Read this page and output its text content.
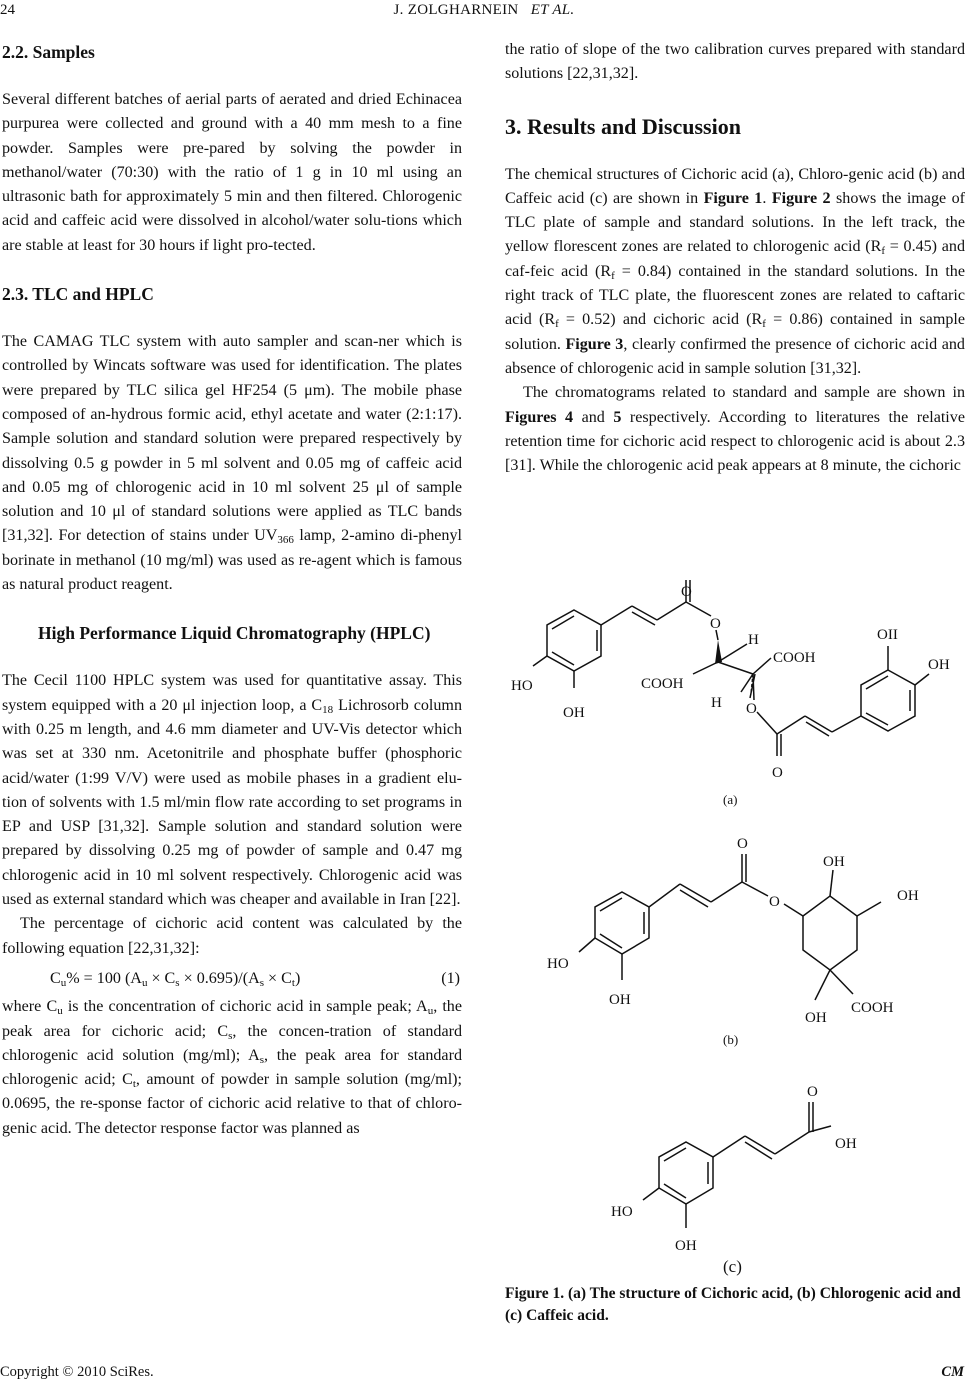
24	J. ZOLGHARNEIN ET AL.
2.2. Samples

Several different batches of aerial parts of aerated and dried Echinacea purpurea were collected and ground with a 40 mm mesh to a fine powder. Samples were pre-pared by solving the powder in methanol/water (70:30) with the ratio of 1 g in 10 ml using an ultrasonic bath for approximately 5 min and then filtered. Chlorogenic acid and caffeic acid were dissolved in alcohol/water solu-tions which are stable at least for 30 hours if light pro-tected.

2.3. TLC and HPLC

The CAMAG TLC system with auto sampler and scan-ner which is controlled by Wincats software was used for identification. The plates were prepared by TLC silica gel HF254 (5 μm). The mobile phase composed of an-hydrous formic acid, ethyl acetate and water (2:1:17). Sample solution and standard solution were prepared respectively by dissolving 0.5 g powder in 5 ml solvent and 0.05 mg of caffeic acid and 0.05 mg of chlorogenic acid in 10 ml solvent 25 μl of sample solution and 10 μl of standard solutions were applied as TLC bands [31,32]. For detection of stains under $UV_{366}$ lamp, 2-amino di-phenyl borinate in methanol (10 mg/ml) was used as re-agent which is famous as natural product reagent.

High Performance Liquid Chromatography (HPLC)

The Cecil 1100 HPLC system was used for quantitative assay. This system equipped with a 20 μl injection loop, a $C_{18}$ Lichrosorb column with 0.25 m length, and 4.6 mm diameter and UV-Vis detector which was set at 330 nm. Acetonitrile and phosphate buffer (phosphoric acid/water (1:99 V/V) were used as mobile phases in a gradient elu-tion of solvents with 1.5 ml/min flow rate according to set programs in EP and USP [31,32]. Sample solution and standard solution were prepared by dissolving 0.25 mg of powder of sample and 0.47 mg chlorogenic acid in 10 ml solvent respectively. Chlorogenic acid was used as external standard which was cheaper and available in Iran [22].

The percentage of cichoric acid content was calculated by the following equation [22,31,32]:

$C_u\% = 100$ $(A_u \times C_s \times 0.695)/(A_s \times C_t)$	(1)

where $C_u$ is the concentration of cichoric acid in sample peak; $A_u$, the peak area for cichoric acid; $C_s$, the concen-tration of standard chlorogenic acid solution (mg/ml); $A_s$, the peak area for standard chlorogenic acid; $C_t$, amount of powder in sample solution (mg/ml); 0.0695, the re-sponse factor of cichoric acid relative to that of chloro-genic acid. The detector response factor was planned as

the ratio of slope of the two calibration curves prepared with standard solutions [22,31,32].

3. Results and Discussion

The chemical structures of Cichoric acid (a), Chloro-genic acid (b) and Caffeic acid (c) are shown in Figure 1. Figure 2 shows the image of TLC plate of sample and standard solutions. In the left track, the yellow florescent zones are related to chlorogenic acid $(R_f = 0.45)$ and caf-feic acid $(R_f = 0.84)$ contained in the standard solutions. In the right track of TLC plate, the fluorescent zones are related to caftaric acid $(R_f = 0.52)$ and cichoric acid $(R_f = 0.86)$ contained in sample solution. Figure 3, clearly confirmed the presence of cichoric acid and absence of chlorogenic acid in sample solution [31,32].

The chromatograms related to standard and sample are shown in Figures 4 and 5 respectively. According to literatures the relative retention time for cichoric acid respect to chlorogenic acid is about 2.3 [31]. While the chlorogenic acid peak appears at 8 minute, the cichoric

O
O
H
COOH
COOH
H O
O
OII
OH
HO
OH
(a)
O
O
OH
OH
HO
OH
OH
COOH
(b)
O
OH
HO
OH
(c)
Figure 1. (a) The structure of Cichoric acid, (b) Chlorogenic acid and (c) Caffeic acid.
Copyright © 2010 SciRes.	CM
